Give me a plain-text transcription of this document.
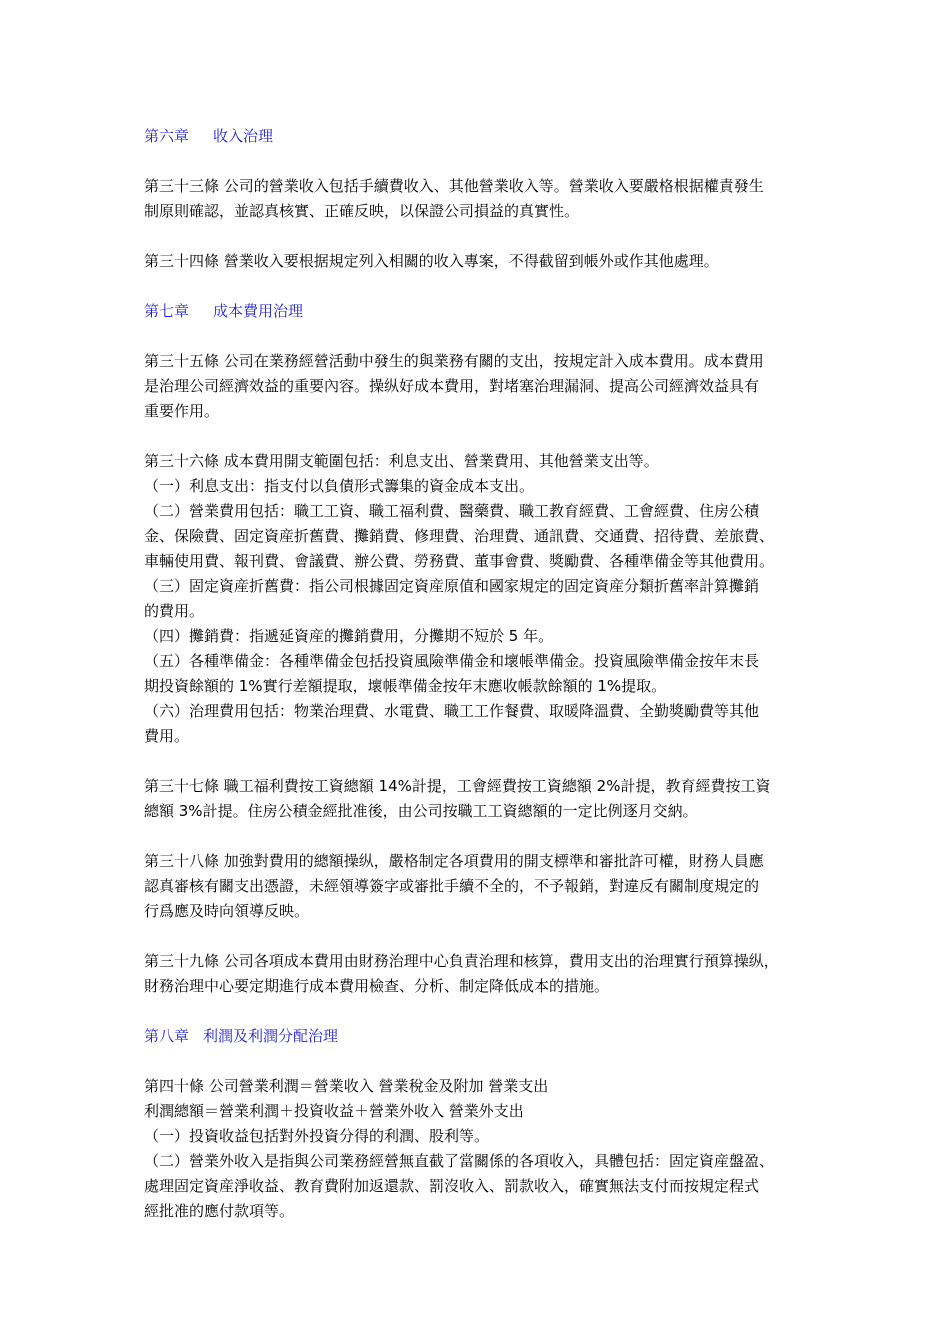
第六章 收入治理
第三十三條 公司的營業收入包括手續費收入、其他營業收入等。營業收入要嚴格根据權責發生
制原則確認，並認真核實、正確反映，以保證公司損益的真實性。
第三十四條 營業收入要根据規定列入相關的收入專案，不得截留到帳外或作其他處理。
第七章 成本費用治理
第三十五條 公司在業務經營活動中發生的與業務有關的支出，按規定計入成本費用。成本費用
是治理公司經濟效益的重要內容。操纵好成本費用，對堵塞治理漏洞、提高公司經濟效益具有
重要作用。
第三十六條 成本費用開支範圍包括：利息支出、營業費用、其他營業支出等。
（一）利息支出：指支付以負債形式籌集的資金成本支出。
（二）營業費用包括：職工工資、職工福利費、醫藥費、職工教育經費、工會經費、住房公積
金、保險費、固定資産折舊費、攤銷費、修理費、治理費、通訊費、交通費、招待費、差旅費、
車輛使用費、報刊費、會議費、辦公費、勞務費、董事會費、獎勵費、各種準備金等其他費用。
（三）固定資産折舊費：指公司根據固定資産原值和國家規定的固定資産分類折舊率計算攤銷
的費用。
（四）攤銷費：指遞延資産的攤銷費用，分攤期不短於 5 年。
（五）各種準備金：各種準備金包括投資風險準備金和壞帳準備金。投資風險準備金按年末長
期投資餘額的 1%實行差額提取，壞帳準備金按年末應收帳款餘額的 1%提取。
（六）治理費用包括：物業治理費、水電費、職工工作餐費、取暖降溫費、全勤獎勵費等其他
費用。
第三十七條 職工福利費按工資總額 14%計提，工會經費按工資總額 2%計提，教育經費按工資
總額 3%計提。住房公積金經批准後，由公司按職工工資總額的一定比例逐月交納。
第三十八條 加強對費用的總額操纵，嚴格制定各項費用的開支標準和審批許可權，財務人員應
認真審核有關支出憑證，未經領導簽字或審批手續不全的，不予報銷，對違反有關制度規定的
行爲應及時向領導反映。
第三十九條 公司各項成本費用由財務治理中心負責治理和核算，費用支出的治理實行預算操纵，
財務治理中心要定期進行成本費用檢查、分析、制定降低成本的措施。
第八章 利潤及利潤分配治理
第四十條 公司營業利潤＝營業收入 營業稅金及附加 營業支出
利潤總額＝營業利潤＋投資收益＋營業外收入 營業外支出
（一）投資收益包括對外投資分得的利潤、股利等。
（二）營業外收入是指與公司業務經營無直截了當關係的各項收入，具體包括：固定資産盤盈、
處理固定資産淨收益、教育費附加返還款、罰沒收入、罰款收入，確實無法支付而按規定程式
經批准的應付款項等。
